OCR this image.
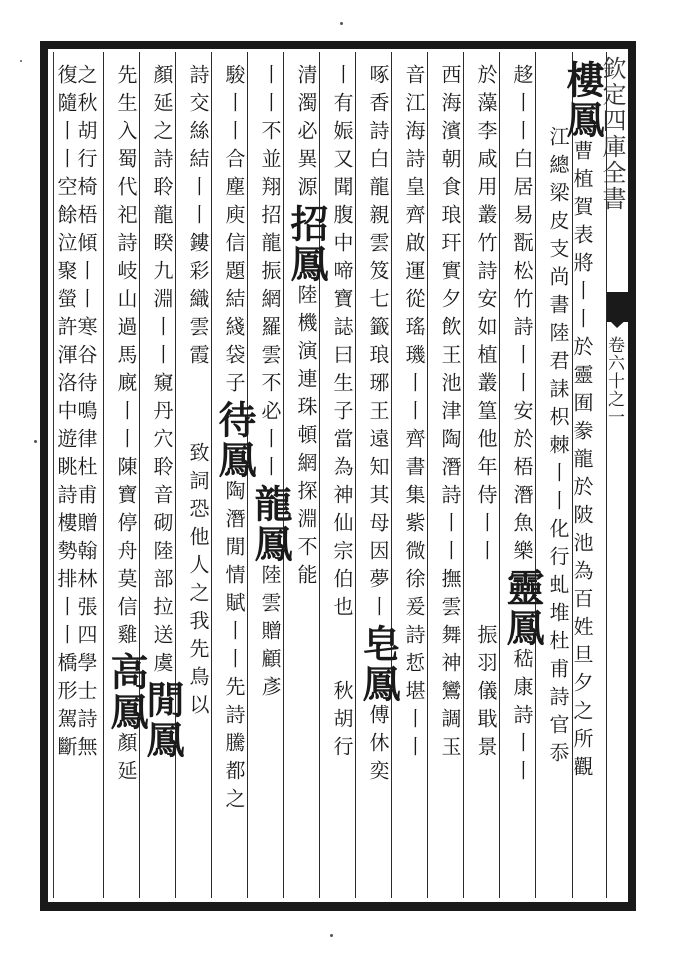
欽定四庫全書
卷六十之一
樓鳳曹植賀表將丨丨於靈囿豢龍於陂池為百姓旦夕之所觀
江總梁皮支尚書陸君誄枳棘丨丨化行虬堆杜甫詩官忝
趍丨丨白居易翫松竹詩丨丨安於梧潛魚樂靈鳳嵇康詩丨丨
於藻李咸用叢竹詩安如植叢篁他年侍丨丨振羽儀戢景
西海濱朝食琅玕實夕飲王池津陶潛詩丨丨撫雲舞神鸞調玉
音江海詩皇齊啟運從瑤璣丨丨齊書集紫微徐爰詩悊堪丨丨
啄香詩白龍親雲笈七籤琅琊王遠知其母因夢丨皂鳳傅休奕
丨有娠又聞腹中啼寶誌曰生子當為神仙宗伯也秋胡行
清濁必異源招鳳陸機演連珠頓網探淵不能
丨丨不並翔招龍振網羅雲不必丨丨龍鳳陸雲贈顧彥
駿丨丨合塵庾信題結綫袋子待鳳陶潛閒情賦丨丨先詩騰都之
詩交絲結丨丨鏤彩織雲霞致詞恐他人之我先鳥以
顏延之詩聆龍睽九淵丨丨窺丹穴聆音砌陸部拉送虞閒鳳
先生入蜀代祀詩岐山過馬廐丨丨陳寶停舟莫信雞高鳳顏延
之秋胡行椅梧傾丨丨寒谷待鳴律杜甫贈翰林張四學士詩無
復隨丨丨空餘泣聚螢許渾洛中遊眺詩樓勢排丨丨橋形駕斷
